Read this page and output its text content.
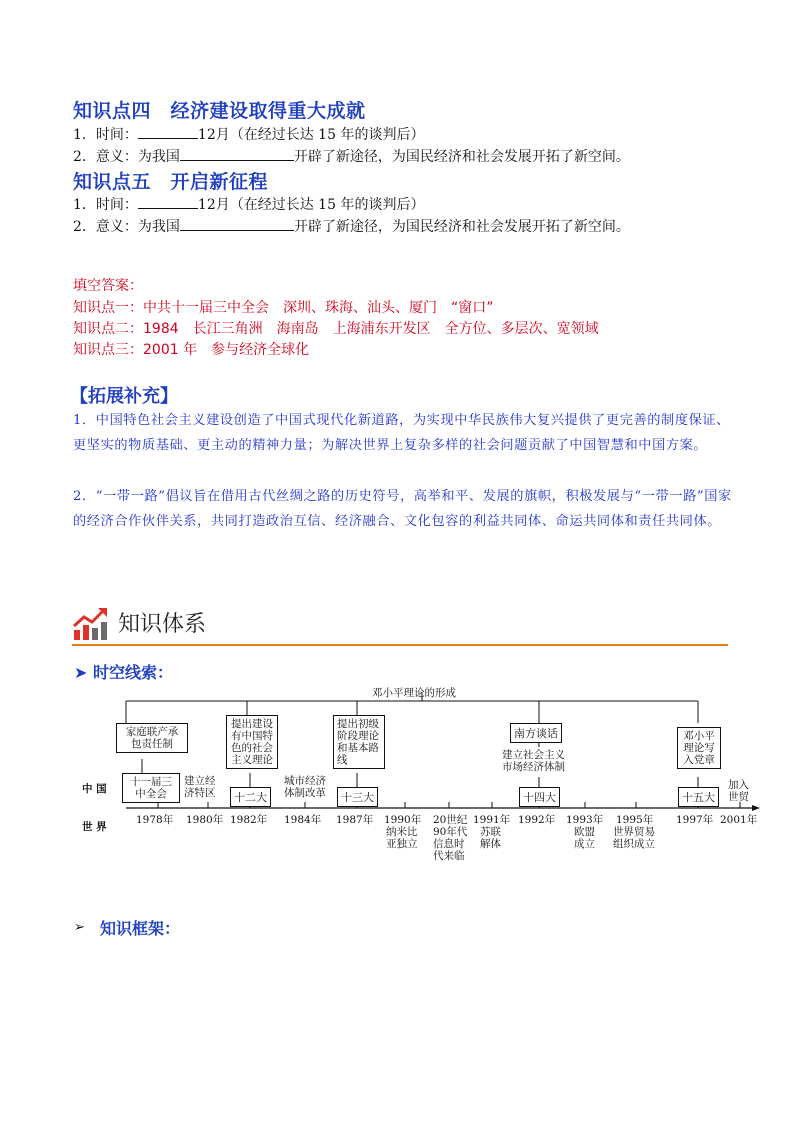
知识点四　经济建设取得重大成就
1．时间：	12月（在经过长达 15 年的谈判后）
2．意义：为我国	开辟了新途径，为国民经济和社会发展开拓了新空间。
知识点五　开启新征程
1．时间：	12月（在经过长达 15 年的谈判后）
2．意义：为我国	开辟了新途径，为国民经济和社会发展开拓了新空间。
填空答案：
知识点一：中共十一届三中全会　深圳、珠海、汕头、厦门　“窗口”
知识点二：1984　长江三角洲　海南岛　上海浦东开发区　全方位、多层次、宽领域
知识点三：2001 年　参与经济全球化
【拓展补充】
1．中国特色社会主义建设创造了中国式现代化新道路，为实现中华民族伟大复兴提供了更完善的制度保证、更坚实的物质基础、更主动的精神力量；为解决世界上复杂多样的社会问题贡献了中国智慧和中国方案。
2．“一带一路”倡议旨在借用古代丝绸之路的历史符号，高举和平、发展的旗帜，积极发展与“一带一路”国家的经济合作伙伴关系，共同打造政治互信、经济融合、文化包容的利益共同体、命运共同体和责任共同体。
知识体系
➤ 时空线索：
邓小平理论的形成
中 国
世 界
家庭联产承
包责任制
十一届三
中全会
建立经
济特区
提出建设
有中国特
色的社会
主义理论
十二大
城市经济
体制改革
提出初级
阶段理论
和基本路
线
十三大
南方谈话
建立社会主义
市场经济体制
十四大
邓小平
理论写
入党章
十五大
加入
世贸
1978年 1980年 1982年 1984年 1987年 1990年 20世纪 1991年 1992年 1993年 1995年 1997年 2001年
纳米比
亚独立
90年代
信息时
代来临
苏联
解体
欧盟
成立
世界贸易
组织成立
➢ 知识框架：
